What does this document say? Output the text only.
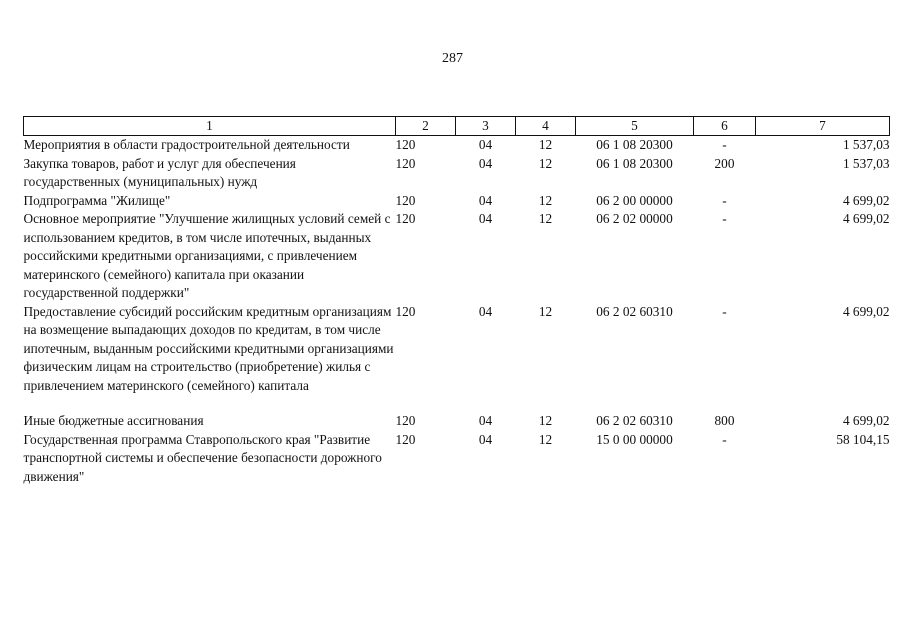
287
1	2	3	4	5	6	7
Мероприятия в области градостроительной деятельности	120	04	12	06 1 08 20300	-	1 537,03
Закупка товаров, работ и услуг для обеспечения государственных (муниципальных) нужд	120	04	12	06 1 08 20300	200	1 537,03
Подпрограмма "Жилище"	120	04	12	06 2 00 00000	-	4 699,02
Основное мероприятие "Улучшение жилищных условий семей с использованием кредитов, в том числе ипотечных, выданных российскими кредитными организациями, с привлечением материнского (семейного) капитала при оказании государственной поддержки"	120	04	12	06 2 02 00000	-	4 699,02
Предоставление субсидий российским кредитным организациям на возмещение выпадающих доходов по кредитам, в том числе ипотечным, выданным российскими кредитными организациями физическим лицам на строительство (приобретение) жилья с привлечением материнского (семейного) капитала	120	04	12	06 2 02 60310	-	4 699,02
Иные бюджетные ассигнования	120	04	12	06 2 02 60310	800	4 699,02
Государственная программа Ставропольского края "Развитие транспортной системы и обеспечение безопасности дорожного движения"	120	04	12	15 0 00 00000	-	58 104,15
